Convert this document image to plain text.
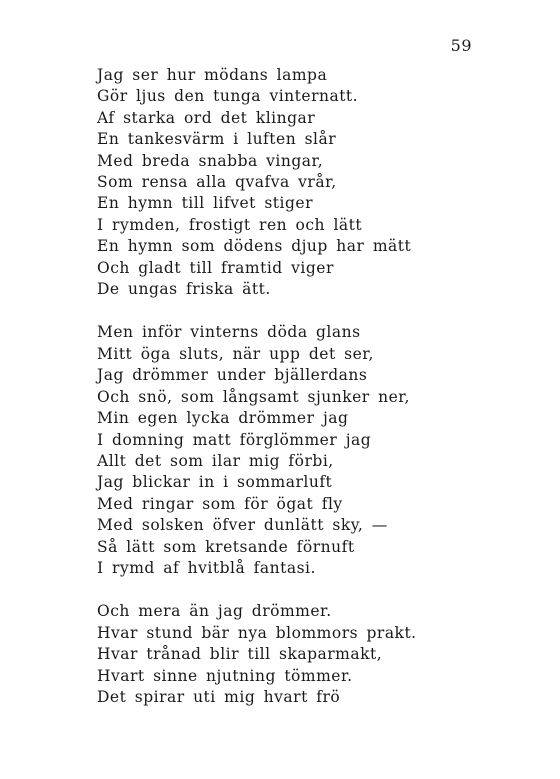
59
Jag ser hur mödans lampa
Gör ljus den tunga vinternatt.
Af starka ord det klingar
En tankesvärm i luften slår
Med breda snabba vingar,
Som rensa alla qvafva vrår,
En hymn till lifvet stiger
I rymden, frostigt ren och lätt
En hymn som dödens djup har mätt
Och gladt till framtid viger
De ungas friska ätt.
Men inför vinterns döda glans
Mitt öga sluts, när upp det ser,
Jag drömmer under bjällerdans
Och snö, som långsamt sjunker ner,
Min egen lycka drömmer jag
I domning matt förglömmer jag
Allt det som ilar mig förbi,
Jag blickar in i sommarluft
Med ringar som för ögat fly
Med solsken öfver dunlätt sky, —
Så lätt som kretsande förnuft
I rymd af hvitblå fantasi.
Och mera än jag drömmer.
Hvar stund bär nya blommors prakt.
Hvar trånad blir till skaparmakt,
Hvart sinne njutning tömmer.
Det spirar uti mig hvart frö
